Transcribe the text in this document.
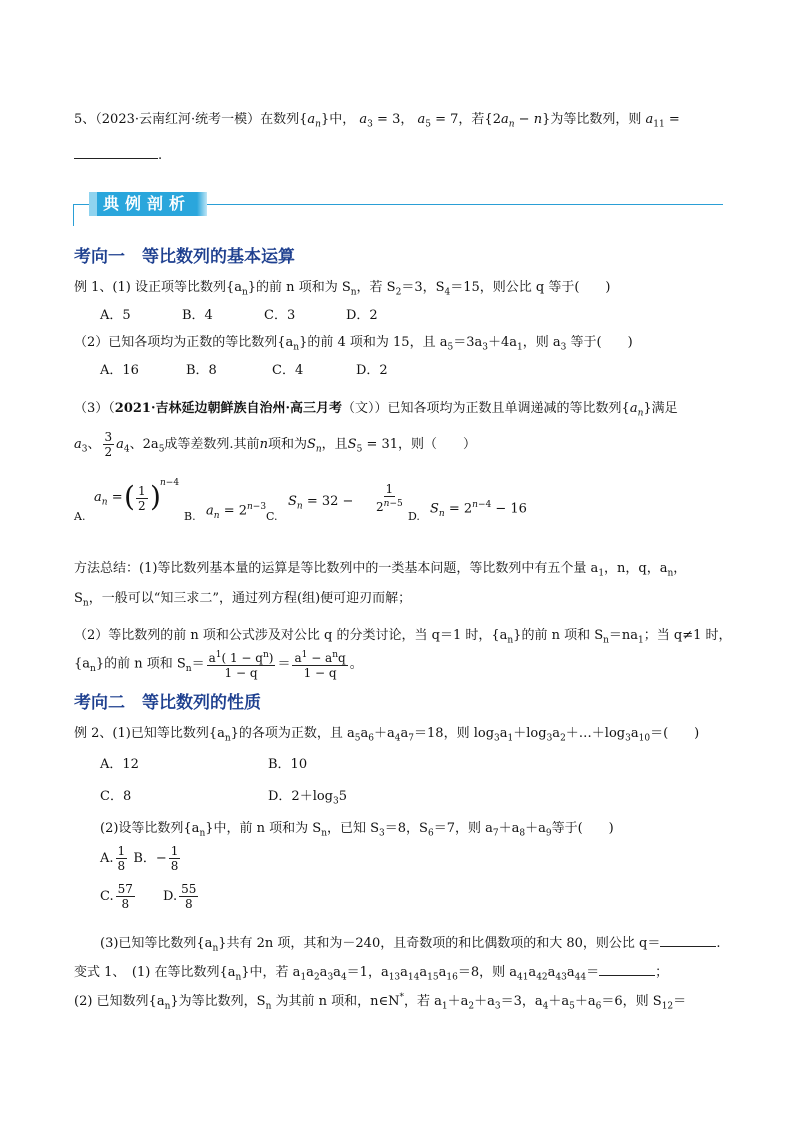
5、（2023·云南红河·统考一模）在数列$\{a_n\}$中， $a_3 = 3$， $a_5 = 7$，若$\{2a_n - n\}$为等比数列，则 $a_{11}$ =
.
典例剖析
考向一　等比数列的基本运算
例 1、(1) 设正项等比数列$\{a_n\}$的前 n 项和为 $S_n$，若 $S_2=3$，$S_4=15$，则公比 q 等于(　　)
A．5	B．4	C．3	D．2
（2）已知各项均为正数的等比数列$\{a_n\}$的前 4 项和为 15，且 $a_5=3a_3+4a_1$，则 $a_3$ 等于(　　)
A．16	B．8	C．4	D．2
（3）（2021·吉林延边朝鲜族自治州·高三月考（文））已知各项均为正数且单调递减的等比数列$\{a_n\}$满足
$a_3$、 $\frac{3}{2} a_4$、$2a_5$成等差数列.其前n项和为$S_n$，且$S_5 = 31$，则（　　）
A.
$a_n$ = ( $\frac{1}{2}$ ) n−4
B. $a_n = 2^{n-3}$
C.
$S_n = 32 - \frac{1}{2^{n-5}}$
D.
$S_n = 2^{n-4} - 16$
方法总结：(1)等比数列基本量的运算是等比数列中的一类基本问题，等比数列中有五个量 $a_1$，n，q，$a_n$，
$S_n$，一般可以“知三求二”，通过列方程(组)便可迎刃而解；
（2）等比数列的前 n 项和公式涉及对公比 q 的分类讨论，当 q＝1 时，$\{a_n\}$的前 n 项和 $S_n=na_1$；当 q≠1 时，
$\{a_n\}$的前 n 项和 $S_n= \frac{a^1( 1 - q^n)}{1 - q} = \frac{a^1 - a^nq}{1 - q}$ 。
考向二　等比数列的性质
例 2、(1)已知等比数列$\{a_n\}$的各项为正数，且 $a_5a_6+a_4a_7=18$，则 $\log_3a_1+\log_3a_2+\dots+\log_3a_{10}=$(　　)
A．12	B．10
C．8	D．$2+\log_35$
(2)设等比数列$\{a_n\}$中，前 n 项和为 $S_n$，已知 $S_3=8$，$S_6=7$，则 $a_7+a_8+a_9$等于(　　)
A. $\frac{1}{8}$ B．− $\frac{1}{8}$
C. $\frac{57}{8} D$. $\frac{55}{8}$
(3)已知等比数列$\{a_n\}$共有 2n 项，其和为－240，且奇数项的和比偶数项的和大 80，则公比 q＝	.
变式 1、　(1) 在等比数列$\{a_n\}$中，若 $a_1a_2a_3a_4=1$，$a_{13}a_{14}a_{15}a_{16}=8$，则 $a_{41}a_{42}a_{43}a_{44}=$	；
(2) 已知数列$\{a_n\}$为等比数列，$S_n$ 为其前 n 项和，n∈N*，若 $a_1+a_2+a_3=3$，$a_4+a_5+a_6=6$，则 $S_{12}=$
